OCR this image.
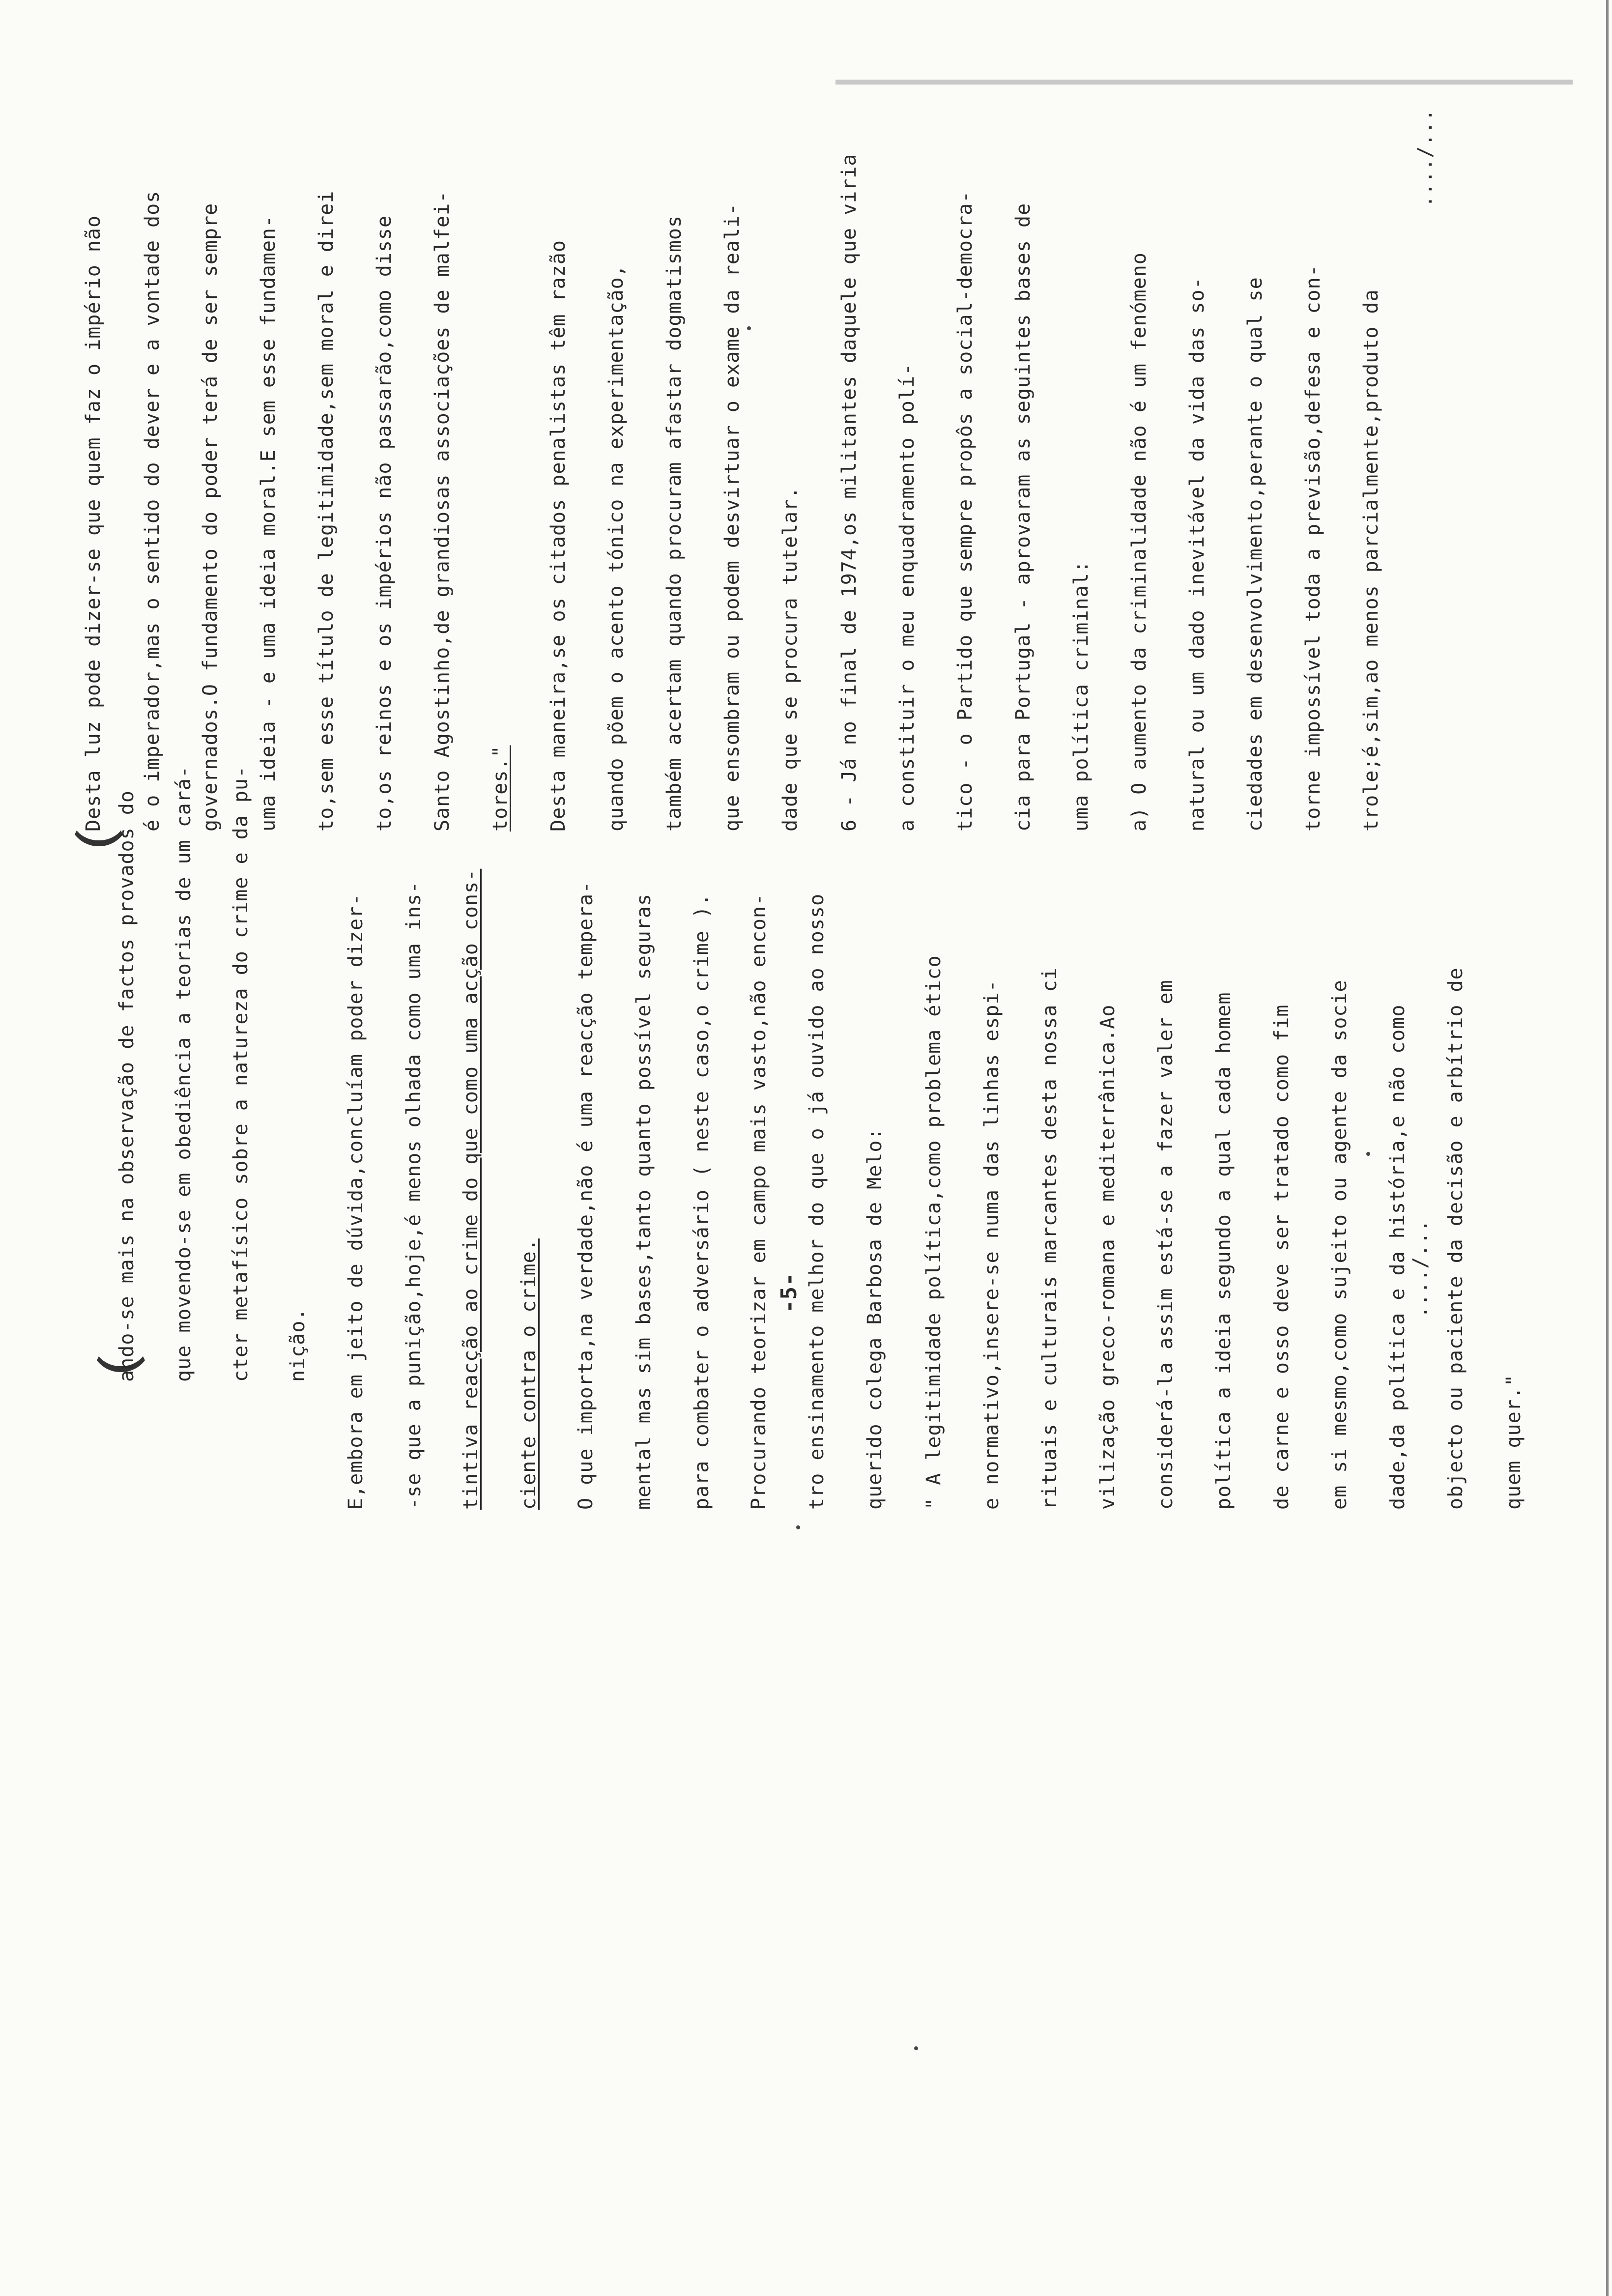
-5-
ando-se mais na observação de factos provados do que movendo-se em obediência a teorias de um cará- cter metafísico sobre a natureza do crime e da pu- nição. E,embora em jeito de dúvida,concluíam poder dizer- -se que a punição,hoje,é menos olhada como uma ins- tintiva reacção ao crime do que como uma acção cons- ciente contra o crime. O que importa,na verdade,não é uma reacção tempera- mental mas sim bases,tanto quanto possível seguras para combater o adversário ( neste caso,o crime ). Procurando teorizar em campo mais vasto,não encon- tro ensinamento melhor do que o já ouvido ao nosso querido colega Barbosa de Melo: " A legitimidade política,como problema ético e normativo,insere-se numa das linhas espi- rituais e culturais marcantes desta nossa ci vilização greco-romana e mediterrânica.Ao considerá-la assim está-se a fazer valer em política a ideia segundo a qual cada homem de carne e osso deve ser tratado como fim em si mesmo,como sujeito ou agente da socie dade,da política e da história,e não como objecto ou paciente da decisão e arbítrio de quem quer."
..../...
Desta luz pode dizer-se que quem faz o império não é o imperador,mas o sentido do dever e a vontade dos governados.O fundamento do poder terá de ser sempre uma ideia - e uma ideia moral.E sem esse fundamen- to,sem esse título de legitimidade,sem moral e direi to,os reinos e os impérios não passarão,como disse Santo Agostinho,de grandiosas associações de malfei- tores." Desta maneira,se os citados penalistas têm razão quando põem o acento tónico na experimentação, também acertam quando procuram afastar dogmatismos que ensombram ou podem desvirtuar o exame da reali- dade que se procura tutelar. 6 - Já no final de 1974,os militantes daquele que viria a constituir o meu enquadramento polí- tico - o Partido que sempre propôs a social-democra- cia para Portugal - aprovaram as seguintes bases de uma política criminal: a) O aumento da criminalidade não é um fenómeno natural ou um dado inevitável da vida das so- ciedades em desenvolvimento,perante o qual se torne impossível toda a previsão,defesa e con- trole;é,sim,ao menos parcialmente,produto da
..../...
